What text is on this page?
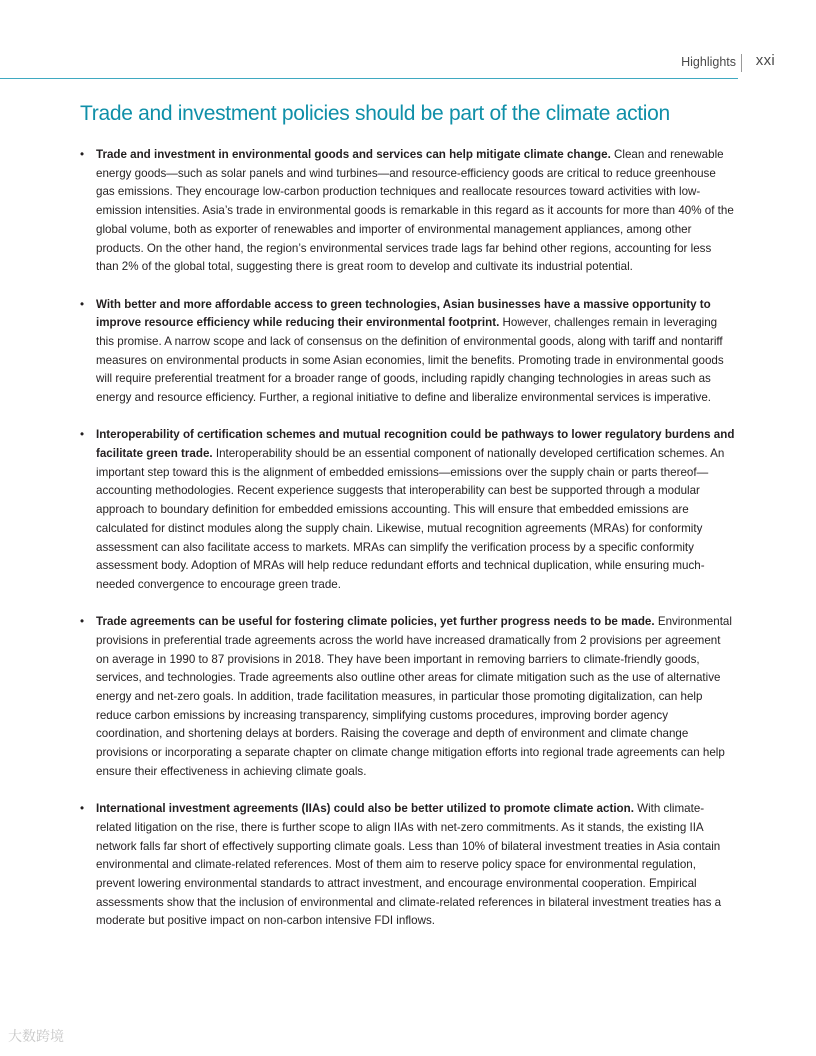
Highlights xxi
Trade and investment policies should be part of the climate action
• Trade and investment in environmental goods and services can help mitigate climate change. Clean and renewable energy goods—such as solar panels and wind turbines—and resource-efficiency goods are critical to reduce greenhouse gas emissions. They encourage low-carbon production techniques and reallocate resources toward activities with low-emission intensities. Asia’s trade in environmental goods is remarkable in this regard as it accounts for more than 40% of the global volume, both as exporter of renewables and importer of environmental management appliances, among other products. On the other hand, the region’s environmental services trade lags far behind other regions, accounting for less than 2% of the global total, suggesting there is great room to develop and cultivate its industrial potential.
• With better and more affordable access to green technologies, Asian businesses have a massive opportunity to improve resource efficiency while reducing their environmental footprint. However, challenges remain in leveraging this promise. A narrow scope and lack of consensus on the definition of environmental goods, along with tariff and nontariff measures on environmental products in some Asian economies, limit the benefits. Promoting trade in environmental goods will require preferential treatment for a broader range of goods, including rapidly changing technologies in areas such as energy and resource efficiency. Further, a regional initiative to define and liberalize environmental services is imperative.
• Interoperability of certification schemes and mutual recognition could be pathways to lower regulatory burdens and facilitate green trade. Interoperability should be an essential component of nationally developed certification schemes. An important step toward this is the alignment of embedded emissions—emissions over the supply chain or parts thereof—accounting methodologies. Recent experience suggests that interoperability can best be supported through a modular approach to boundary definition for embedded emissions accounting. This will ensure that embedded emissions are calculated for distinct modules along the supply chain. Likewise, mutual recognition agreements (MRAs) for conformity assessment can also facilitate access to markets. MRAs can simplify the verification process by a specific conformity assessment body. Adoption of MRAs will help reduce redundant efforts and technical duplication, while ensuring much-needed convergence to encourage green trade.
• Trade agreements can be useful for fostering climate policies, yet further progress needs to be made. Environmental provisions in preferential trade agreements across the world have increased dramatically from 2 provisions per agreement on average in 1990 to 87 provisions in 2018. They have been important in removing barriers to climate-friendly goods, services, and technologies. Trade agreements also outline other areas for climate mitigation such as the use of alternative energy and net-zero goals. In addition, trade facilitation measures, in particular those promoting digitalization, can help reduce carbon emissions by increasing transparency, simplifying customs procedures, improving border agency coordination, and shortening delays at borders. Raising the coverage and depth of environment and climate change provisions or incorporating a separate chapter on climate change mitigation efforts into regional trade agreements can help ensure their effectiveness in achieving climate goals.
• International investment agreements (IIAs) could also be better utilized to promote climate action. With climate-related litigation on the rise, there is further scope to align IIAs with net-zero commitments. As it stands, the existing IIA network falls far short of effectively supporting climate goals. Less than 10% of bilateral investment treaties in Asia contain environmental and climate-related references. Most of them aim to reserve policy space for environmental regulation, prevent lowering environmental standards to attract investment, and encourage environmental cooperation. Empirical assessments show that the inclusion of environmental and climate-related references in bilateral investment treaties has a moderate but positive impact on non-carbon intensive FDI inflows.
大数跨境
